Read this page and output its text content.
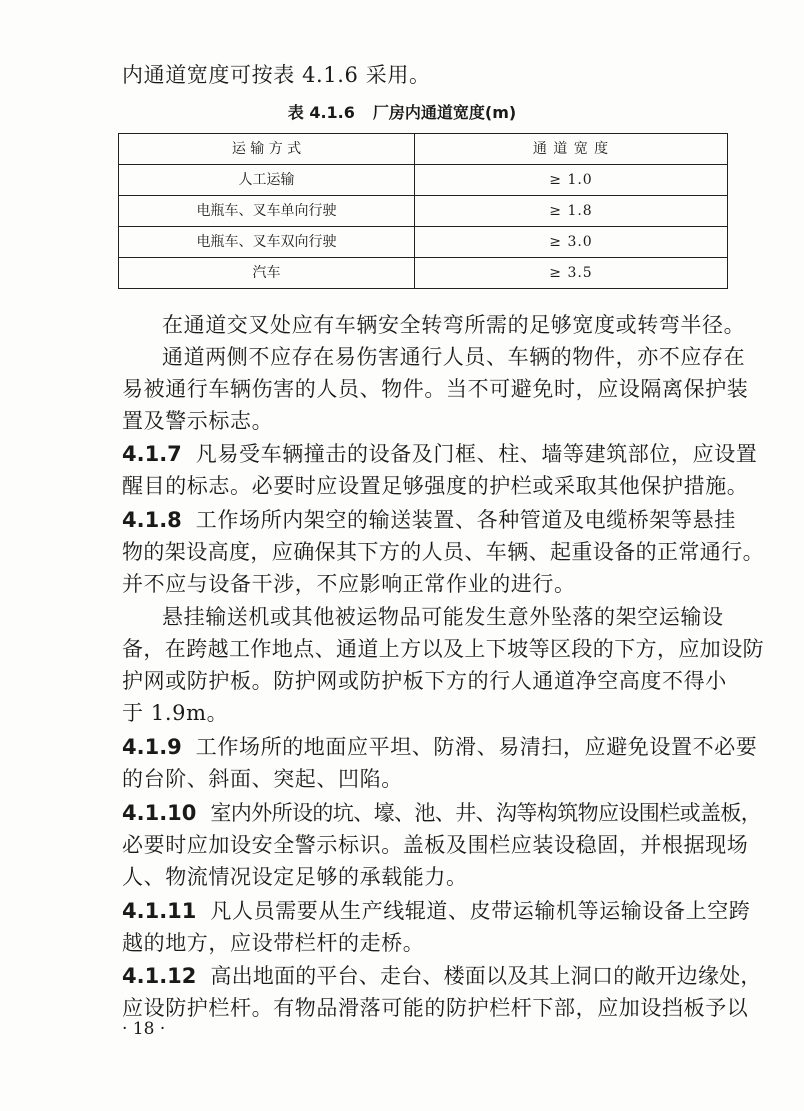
内通道宽度可按表 4.1.6 采用。

表 4.1.6 厂房内通道宽度(m)
运 输 方 式	通 道 宽 度
人工运输	≥ 1.0
电瓶车、叉车单向行驶	≥ 1.8
电瓶车、叉车双向行驶	≥ 3.0
汽车	≥ 3.5

在通道交叉处应有车辆安全转弯所需的足够宽度或转弯半径。

通道两侧不应存在易伤害通行人员、车辆的物件，亦不应存在

易被通行车辆伤害的人员、物件。当不可避免时，应设隔离保护装

置及警示标志。

4.1.7 凡易受车辆撞击的设备及门框、柱、墙等建筑部位，应设置

醒目的标志。必要时应设置足够强度的护栏或采取其他保护措施。

4.1.8 工作场所内架空的输送装置、各种管道及电缆桥架等悬挂

物的架设高度，应确保其下方的人员、车辆、起重设备的正常通行。

并不应与设备干涉，不应影响正常作业的进行。

悬挂输送机或其他被运物品可能发生意外坠落的架空运输设

备，在跨越工作地点、通道上方以及上下坡等区段的下方，应加设防

护网或防护板。防护网或防护板下方的行人通道净空高度不得小

于 1.9m。

4.1.9 工作场所的地面应平坦、防滑、易清扫，应避免设置不必要

的台阶、斜面、突起、凹陷。

4.1.10 室内外所设的坑、壕、池、井、沟等构筑物应设围栏或盖板，

必要时应加设安全警示标识。盖板及围栏应装设稳固，并根据现场

人、物流情况设定足够的承载能力。

4.1.11 凡人员需要从生产线辊道、皮带运输机等运输设备上空跨

越的地方，应设带栏杆的走桥。

4.1.12 高出地面的平台、走台、楼面以及其上洞口的敞开边缘处，

应设防护栏杆。有物品滑落可能的防护栏杆下部，应加设挡板予以

· 18 ·
